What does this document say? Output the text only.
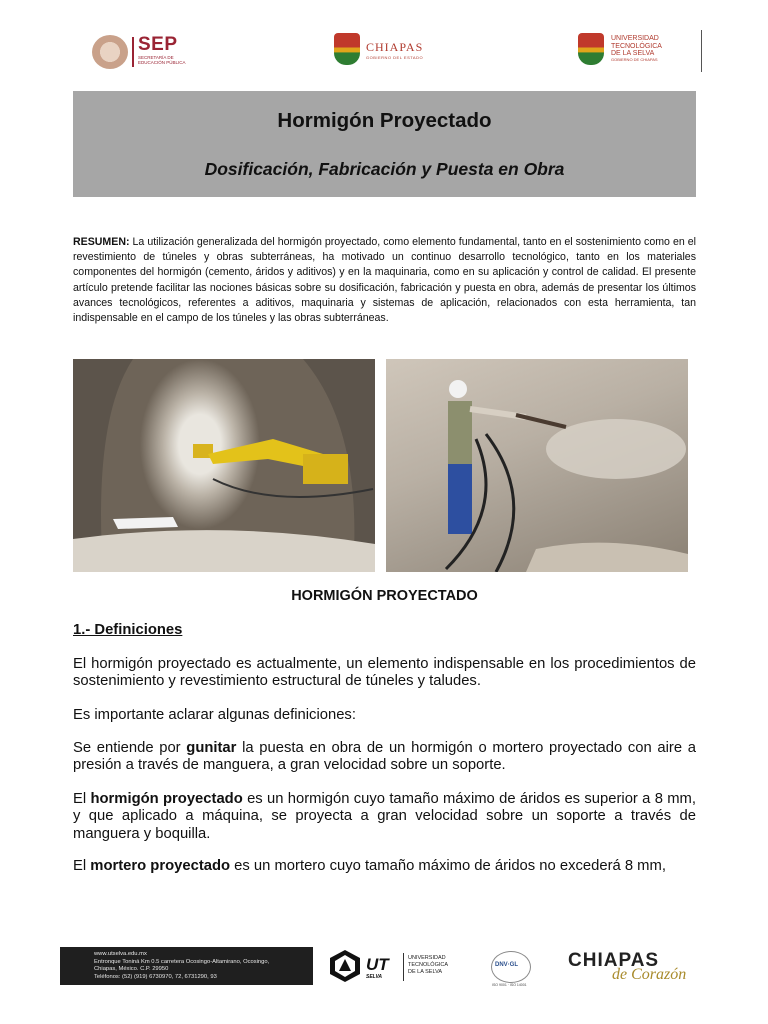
SEP
SECRETARÍA DE EDUCACIÓN PÚBLICA
CHIAPAS
GOBIERNO DEL ESTADO
UNIVERSIDAD
TECNOLÓGICA
DE LA SELVA
GOBIERNO DE CHIAPAS
Hormigón Proyectado
Dosificación, Fabricación y Puesta en Obra
RESUMEN: La utilización generalizada del hormigón proyectado, como elemento fundamental, tanto en el sostenimiento como en el revestimiento de túneles y obras subterráneas, ha motivado un continuo desarrollo tecnológico, tanto en los materiales componentes del hormigón (cemento, áridos y aditivos) y en la maquinaria, como en su aplicación y control de calidad. El presente artículo pretende facilitar las nociones básicas sobre su dosificación, fabricación y puesta en obra, además de presentar los últimos avances tecnológicos, referentes a aditivos, maquinaria y sistemas de aplicación, relacionados con esta herramienta, tan indispensable en el campo de los túneles y las obras subterráneas.
HORMIGÓN PROYECTADO
1.- Definiciones
El hormigón proyectado es actualmente, un elemento indispensable en los procedimientos de sostenimiento y revestimiento estructural de túneles y taludes.
Es importante aclarar algunas definiciones:
Se entiende por gunitar la puesta en obra de un hormigón o mortero proyectado con aire a presión a través de manguera, a gran velocidad sobre un soporte.
El hormigón proyectado es un hormigón cuyo tamaño máximo de áridos es superior a 8 mm, y que aplicado a máquina, se proyecta a gran velocidad sobre un soporte a través de manguera y boquilla.
El mortero proyectado es un mortero cuyo tamaño máximo de áridos no excederá 8 mm,
www.utselva.edu.mx
Entronque Toniná Km 0.5 carretera Ocosingo-Altamirano, Ocosingo,
Chiapas, México. C.P. 29950
Teléfonos: (52) (919) 6730970, 72, 6731290, 93
UT
SELVA
UNIVERSIDAD
TECNOLÓGICA
DE LA SELVA
DNV·GL
ISO 9001 · ISO 14001
CHIAPAS
de Corazón
